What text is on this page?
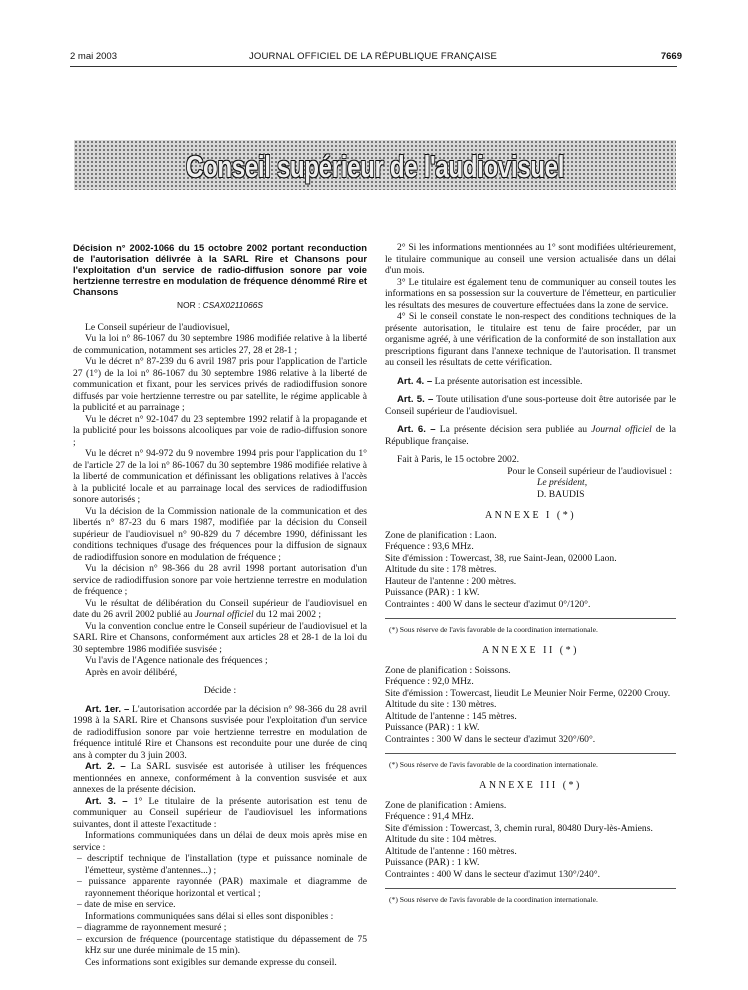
2 mai 2003	JOURNAL OFFICIEL DE LA RÉPUBLIQUE FRANÇAISE	7669
Conseil supérieur de l'audiovisuel

Décision n° 2002-1066 du 15 octobre 2002 portant reconduction de l'autorisation délivrée à la SARL Rire et Chansons pour l'exploitation d'un service de radio-diffusion sonore par voie hertzienne terrestre en modulation de fréquence dénommé Rire et Chansons

NOR : CSAX0211066S

Le Conseil supérieur de l'audiovisuel,

Vu la loi n° 86-1067 du 30 septembre 1986 modifiée relative à la liberté de communication, notamment ses articles 27, 28 et 28-1 ;

Vu le décret n° 87-239 du 6 avril 1987 pris pour l'application de l'article 27 (1°) de la loi n° 86-1067 du 30 septembre 1986 relative à la liberté de communication et fixant, pour les services privés de radiodiffusion sonore diffusés par voie hertzienne terrestre ou par satellite, le régime applicable à la publicité et au parrainage ;

Vu le décret n° 92-1047 du 23 septembre 1992 relatif à la propagande et la publicité pour les boissons alcooliques par voie de radio-diffusion sonore ;

Vu le décret n° 94-972 du 9 novembre 1994 pris pour l'application du 1° de l'article 27 de la loi n° 86-1067 du 30 septembre 1986 modifiée relative à la liberté de communication et définissant les obligations relatives à l'accès à la publicité locale et au parrainage local des services de radiodiffusion sonore autorisés ;

Vu la décision de la Commission nationale de la communication et des libertés n° 87-23 du 6 mars 1987, modifiée par la décision du Conseil supérieur de l'audiovisuel n° 90-829 du 7 décembre 1990, définissant les conditions techniques d'usage des fréquences pour la diffusion de signaux de radiodiffusion sonore en modulation de fréquence ;

Vu la décision n° 98-366 du 28 avril 1998 portant autorisation d'un service de radiodiffusion sonore par voie hertzienne terrestre en modulation de fréquence ;

Vu le résultat de délibération du Conseil supérieur de l'audiovisuel en date du 26 avril 2002 publié au Journal officiel du 12 mai 2002 ;

Vu la convention conclue entre le Conseil supérieur de l'audiovisuel et la SARL Rire et Chansons, conformément aux articles 28 et 28-1 de la loi du 30 septembre 1986 modifiée susvisée ;

Vu l'avis de l'Agence nationale des fréquences ;

Après en avoir délibéré,

Décide :

Art. 1er. – L'autorisation accordée par la décision n° 98-366 du 28 avril 1998 à la SARL Rire et Chansons susvisée pour l'exploitation d'un service de radiodiffusion sonore par voie hertzienne terrestre en modulation de fréquence intitulé Rire et Chansons est reconduite pour une durée de cinq ans à compter du 3 juin 2003.

Art. 2. – La SARL susvisée est autorisée à utiliser les fréquences mentionnées en annexe, conformément à la convention susvisée et aux annexes de la présente décision.

Art. 3. – 1° Le titulaire de la présente autorisation est tenu de communiquer au Conseil supérieur de l'audiovisuel les informations suivantes, dont il atteste l'exactitude :

Informations communiquées dans un délai de deux mois après mise en service :

– descriptif technique de l'installation (type et puissance nominale de l'émetteur, système d'antennes...) ;

– puissance apparente rayonnée (PAR) maximale et diagramme de rayonnement théorique horizontal et vertical ;

– date de mise en service.

Informations communiquées sans délai si elles sont disponibles :

– diagramme de rayonnement mesuré ;

– excursion de fréquence (pourcentage statistique du dépassement de 75 kHz sur une durée minimale de 15 min).

Ces informations sont exigibles sur demande expresse du conseil.

2° Si les informations mentionnées au 1° sont modifiées ultérieurement, le titulaire communique au conseil une version actualisée dans un délai d'un mois.

3° Le titulaire est également tenu de communiquer au conseil toutes les informations en sa possession sur la couverture de l'émetteur, en particulier les résultats des mesures de couverture effectuées dans la zone de service.

4° Si le conseil constate le non-respect des conditions techniques de la présente autorisation, le titulaire est tenu de faire procéder, par un organisme agréé, à une vérification de la conformité de son installation aux prescriptions figurant dans l'annexe technique de l'autorisation. Il transmet au conseil les résultats de cette vérification.

Art. 4. – La présente autorisation est incessible.

Art. 5. – Toute utilisation d'une sous-porteuse doit être autorisée par le Conseil supérieur de l'audiovisuel.

Art. 6. – La présente décision sera publiée au Journal officiel de la République française.

Fait à Paris, le 15 octobre 2002.

Pour le Conseil supérieur de l'audiovisuel :

Le président,

D. BAUDIS

ANNEXE I (*)

Zone de planification : Laon.

Fréquence : 93,6 MHz.

Site d'émission : Towercast, 38, rue Saint-Jean, 02000 Laon.

Altitude du site : 178 mètres.

Hauteur de l'antenne : 200 mètres.

Puissance (PAR) : 1 kW.

Contraintes : 400 W dans le secteur d'azimut 0°/120°.

(*) Sous réserve de l'avis favorable de la coordination internationale.

ANNEXE II (*)

Zone de planification : Soissons.

Fréquence : 92,0 MHz.

Site d'émission : Towercast, lieudit Le Meunier Noir Ferme, 02200 Crouy.

Altitude du site : 130 mètres.

Altitude de l'antenne : 145 mètres.

Puissance (PAR) : 1 kW.

Contraintes : 300 W dans le secteur d'azimut 320°/60°.

(*) Sous réserve de l'avis favorable de la coordination internationale.

ANNEXE III (*)

Zone de planification : Amiens.

Fréquence : 91,4 MHz.

Site d'émission : Towercast, 3, chemin rural, 80480 Dury-lès-Amiens.

Altitude du site : 104 mètres.

Altitude de l'antenne : 160 mètres.

Puissance (PAR) : 1 kW.

Contraintes : 400 W dans le secteur d'azimut 130°/240°.

(*) Sous réserve de l'avis favorable de la coordination internationale.
